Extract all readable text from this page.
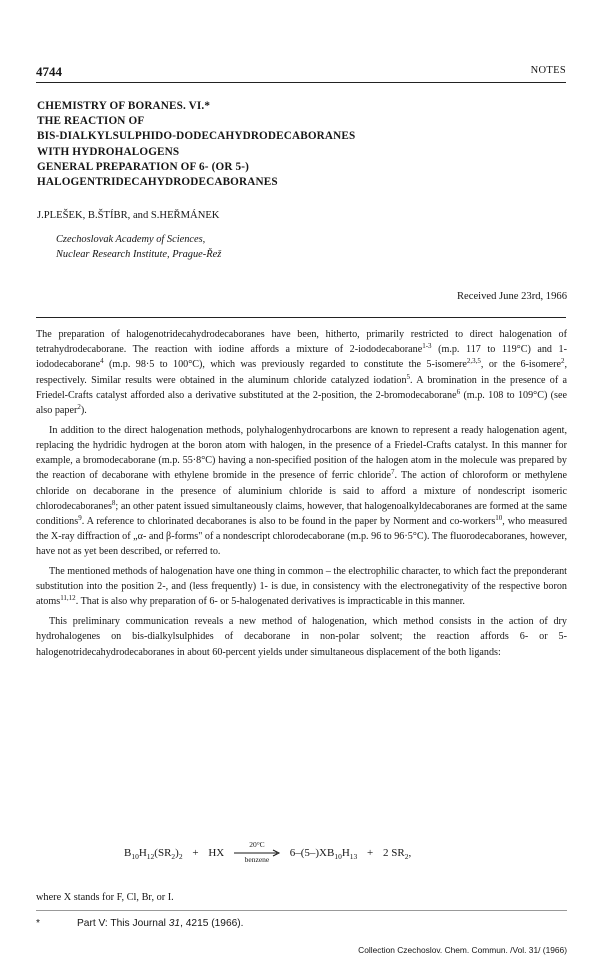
4744	NOTES
CHEMISTRY OF BORANES. VI.*
THE REACTION OF
BIS-DIALKYLSULPHIDO-DODECAHYDRODECABORANES
WITH HYDROHALOGENS
GENERAL PREPARATION OF 6- (OR 5-)
HALOGENTRIDECAHYDRODECABORANES
J.PLEŠEK, B.ŠTÍBR, and S.HEŘMÁNEK
Czechoslovak Academy of Sciences,
Nuclear Research Institute, Prague-Řež
Received June 23rd, 1966

The preparation of halogenotridecahydrodecaboranes have been, hitherto, primarily restricted to direct halogenation of tetrahydrodecaborane. The reaction with iodine affords a mixture of 2-iododecaborane$^{1-3}$ (m.p. 117 to 119°C) and 1-iododecaborane$^4$ (m.p. 98·5 to 100°C), which was previously regarded to constitute the 5-isomere$^{2,3,5}$, or the 6-isomere$^2$, respectively. Similar results were obtained in the aluminum chloride catalyzed iodation$^5$. A bromination in the presence of a Friedel-Crafts catalyst afforded also a derivative substituted at the 2-position, the 2-bromodecaborane$^6$ (m.p. 108 to 109°C) (see also paper$^2$).

In addition to the direct halogenation methods, polyhalogenhydrocarbons are known to represent a ready halogenation agent, replacing the hydridic hydrogen at the boron atom with halogen, in the presence of a Friedel-Crafts catalyst. In this manner for example, a bromodecaborane (m.p. 55·8°C) having a non-specified position of the halogen atom in the molecule was prepared by the reaction of decaborane with ethylene bromide in the presence of ferric chloride$^7$. The action of chloroform or methylene chloride on decaborane in the presence of aluminium chloride is said to afford a mixture of nondescript isomeric chlorodecaboranes$^8$; an other patent issued simultaneously claims, however, that halogenoalkyldecaboranes are formed at the same conditions$^9$. A reference to chlorinated decaboranes is also to be found in the paper by Norment and co-workers$^{10}$, who measured the X-ray diffraction of „α- and β-forms" of a nondescript chlorodecaborane (m.p. 96 to 96·5°C). The fluorodecaboranes, however, have not as yet been described, or referred to.

The mentioned methods of halogenation have one thing in common – the electrophilic character, to which fact the preponderant substitution into the position 2-, and (less frequently) 1- is due, in consistency with the electronegativity of the respective boron atoms$^{11,12}$. That is also why preparation of 6- or 5-halogenated derivatives is impracticable in this manner.

This preliminary communication reveals a new method of halogenation, which method consists in the action of dry hydrohalogenes on bis-dialkylsulphides of decaborane in non-polar solvent; the reaction affords 6- or 5-halogenotridecahydrodecaboranes in about 60-percent yields under simultaneous displacement of the both ligands:

$B_{10}H_{12}(SR_2)_2$ + HX
20°C
benzene
$6-(5-)XB_{10}H_{13} + 2$ $SR_2$,
where X stands for F, Cl, Br, or I.
*	Part V: This Journal 31, 4215 (1966).
Collection Czechoslov. Chem. Commun. /Vol. 31/ (1966)
